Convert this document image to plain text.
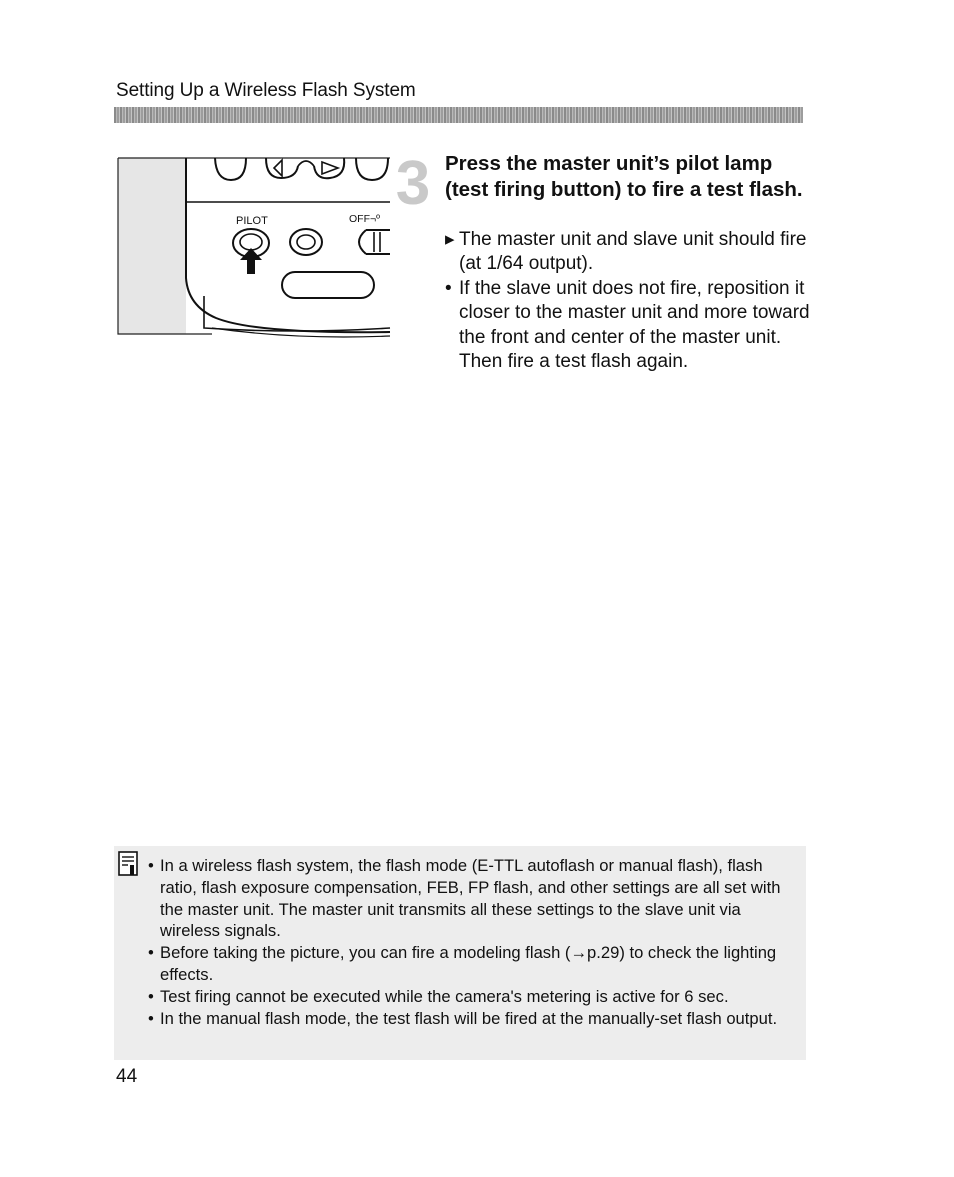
Setting Up a Wireless Flash System
PILOT	OFF¬º
3 Press the master unit’s pilot lamp (test firing button) to fire a test flash.
▸ The master unit and slave unit should fire (at 1/64 output).
• If the slave unit does not fire, reposition it closer to the master unit and more toward the front and center of the master unit. Then fire a test flash again.
• In a wireless flash system, the flash mode (E-TTL autoflash or manual flash), flash ratio, flash exposure compensation, FEB, FP flash, and other settings are all set with the master unit. The master unit transmits all these settings to the slave unit via wireless signals.
• Before taking the picture, you can fire a modeling flash (→p.29) to check the lighting effects.
• Test firing cannot be executed while the camera's metering is active for 6 sec.
• In the manual flash mode, the test flash will be fired at the manually-set flash output.
44
